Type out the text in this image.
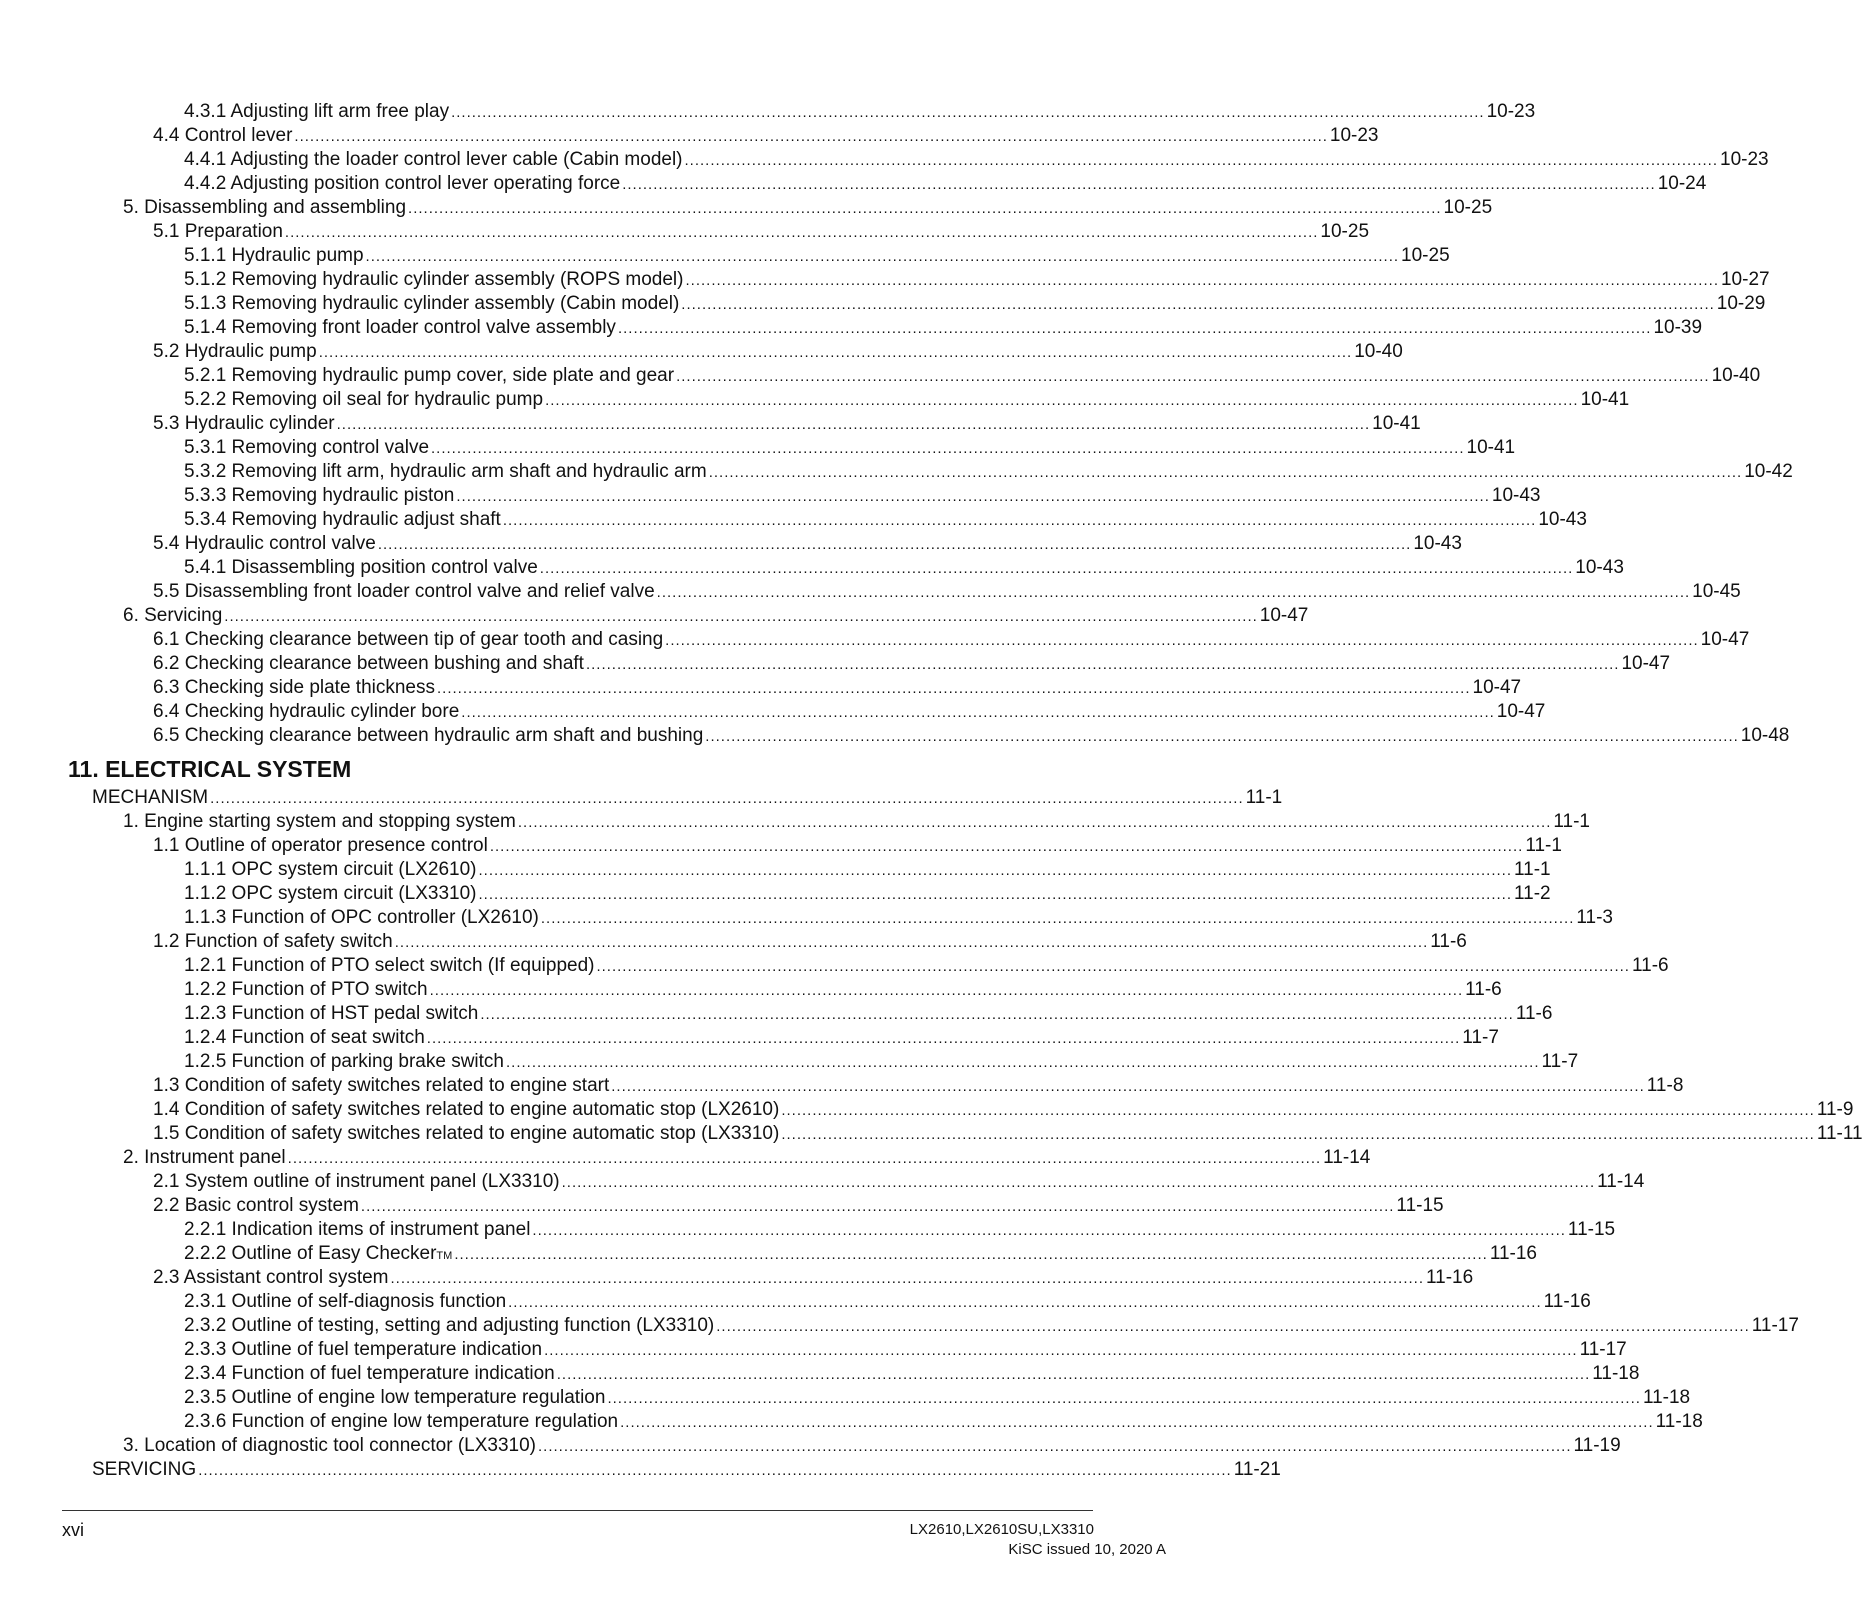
4.3.1 Adjusting lift arm free play ........................................................................................................................................................................................................ 10-23
4.4 Control lever ........................................................................................................................................................................................................ 10-23
4.4.1 Adjusting the loader control lever cable (Cabin model) ........................................................................................................................................................................................................ 10-23
4.4.2 Adjusting position control lever operating force ........................................................................................................................................................................................................ 10-24
5. Disassembling and assembling ........................................................................................................................................................................................................ 10-25
5.1 Preparation ........................................................................................................................................................................................................ 10-25
5.1.1 Hydraulic pump ........................................................................................................................................................................................................ 10-25
5.1.2 Removing hydraulic cylinder assembly (ROPS model) ........................................................................................................................................................................................................ 10-27
5.1.3 Removing hydraulic cylinder assembly (Cabin model) ........................................................................................................................................................................................................ 10-29
5.1.4 Removing front loader control valve assembly ........................................................................................................................................................................................................ 10-39
5.2 Hydraulic pump ........................................................................................................................................................................................................ 10-40
5.2.1 Removing hydraulic pump cover, side plate and gear ........................................................................................................................................................................................................ 10-40
5.2.2 Removing oil seal for hydraulic pump ........................................................................................................................................................................................................ 10-41
5.3 Hydraulic cylinder ........................................................................................................................................................................................................ 10-41
5.3.1 Removing control valve ........................................................................................................................................................................................................ 10-41
5.3.2 Removing lift arm, hydraulic arm shaft and hydraulic arm ........................................................................................................................................................................................................ 10-42
5.3.3 Removing hydraulic piston ........................................................................................................................................................................................................ 10-43
5.3.4 Removing hydraulic adjust shaft ........................................................................................................................................................................................................ 10-43
5.4 Hydraulic control valve ........................................................................................................................................................................................................ 10-43
5.4.1 Disassembling position control valve ........................................................................................................................................................................................................ 10-43
5.5 Disassembling front loader control valve and relief valve ........................................................................................................................................................................................................ 10-45
6. Servicing ........................................................................................................................................................................................................ 10-47
6.1 Checking clearance between tip of gear tooth and casing ........................................................................................................................................................................................................ 10-47
6.2 Checking clearance between bushing and shaft ........................................................................................................................................................................................................ 10-47
6.3 Checking side plate thickness ........................................................................................................................................................................................................ 10-47
6.4 Checking hydraulic cylinder bore ........................................................................................................................................................................................................ 10-47
6.5 Checking clearance between hydraulic arm shaft and bushing ........................................................................................................................................................................................................ 10-48
11. ELECTRICAL SYSTEM
MECHANISM ........................................................................................................................................................................................................ 11-1
1. Engine starting system and stopping system ........................................................................................................................................................................................................ 11-1
1.1 Outline of operator presence control ........................................................................................................................................................................................................ 11-1
1.1.1 OPC system circuit (LX2610) ........................................................................................................................................................................................................ 11-1
1.1.2 OPC system circuit (LX3310) ........................................................................................................................................................................................................ 11-2
1.1.3 Function of OPC controller (LX2610) ........................................................................................................................................................................................................ 11-3
1.2 Function of safety switch ........................................................................................................................................................................................................ 11-6
1.2.1 Function of PTO select switch (If equipped) ........................................................................................................................................................................................................ 11-6
1.2.2 Function of PTO switch ........................................................................................................................................................................................................ 11-6
1.2.3 Function of HST pedal switch ........................................................................................................................................................................................................ 11-6
1.2.4 Function of seat switch ........................................................................................................................................................................................................ 11-7
1.2.5 Function of parking brake switch ........................................................................................................................................................................................................ 11-7
1.3 Condition of safety switches related to engine start ........................................................................................................................................................................................................ 11-8
1.4 Condition of safety switches related to engine automatic stop (LX2610) ........................................................................................................................................................................................................ 11-9
1.5 Condition of safety switches related to engine automatic stop (LX3310) ........................................................................................................................................................................................................ 11-11
2. Instrument panel ........................................................................................................................................................................................................ 11-14
2.1 System outline of instrument panel (LX3310) ........................................................................................................................................................................................................ 11-14
2.2 Basic control system ........................................................................................................................................................................................................ 11-15
2.2.1 Indication items of instrument panel ........................................................................................................................................................................................................ 11-15
2.2.2 Outline of Easy Checker TM ........................................................................................................................................................................................................ 11-16
2.3 Assistant control system ........................................................................................................................................................................................................ 11-16
2.3.1 Outline of self-diagnosis function ........................................................................................................................................................................................................ 11-16
2.3.2 Outline of testing, setting and adjusting function (LX3310) ........................................................................................................................................................................................................ 11-17
2.3.3 Outline of fuel temperature indication ........................................................................................................................................................................................................ 11-17
2.3.4 Function of fuel temperature indication ........................................................................................................................................................................................................ 11-18
2.3.5 Outline of engine low temperature regulation ........................................................................................................................................................................................................ 11-18
2.3.6 Function of engine low temperature regulation ........................................................................................................................................................................................................ 11-18
3. Location of diagnostic tool connector (LX3310) ........................................................................................................................................................................................................ 11-19
SERVICING ........................................................................................................................................................................................................ 11-21
xvi	LX2610,LX2610SU,LX3310
KiSC issued 10, 2020 A
